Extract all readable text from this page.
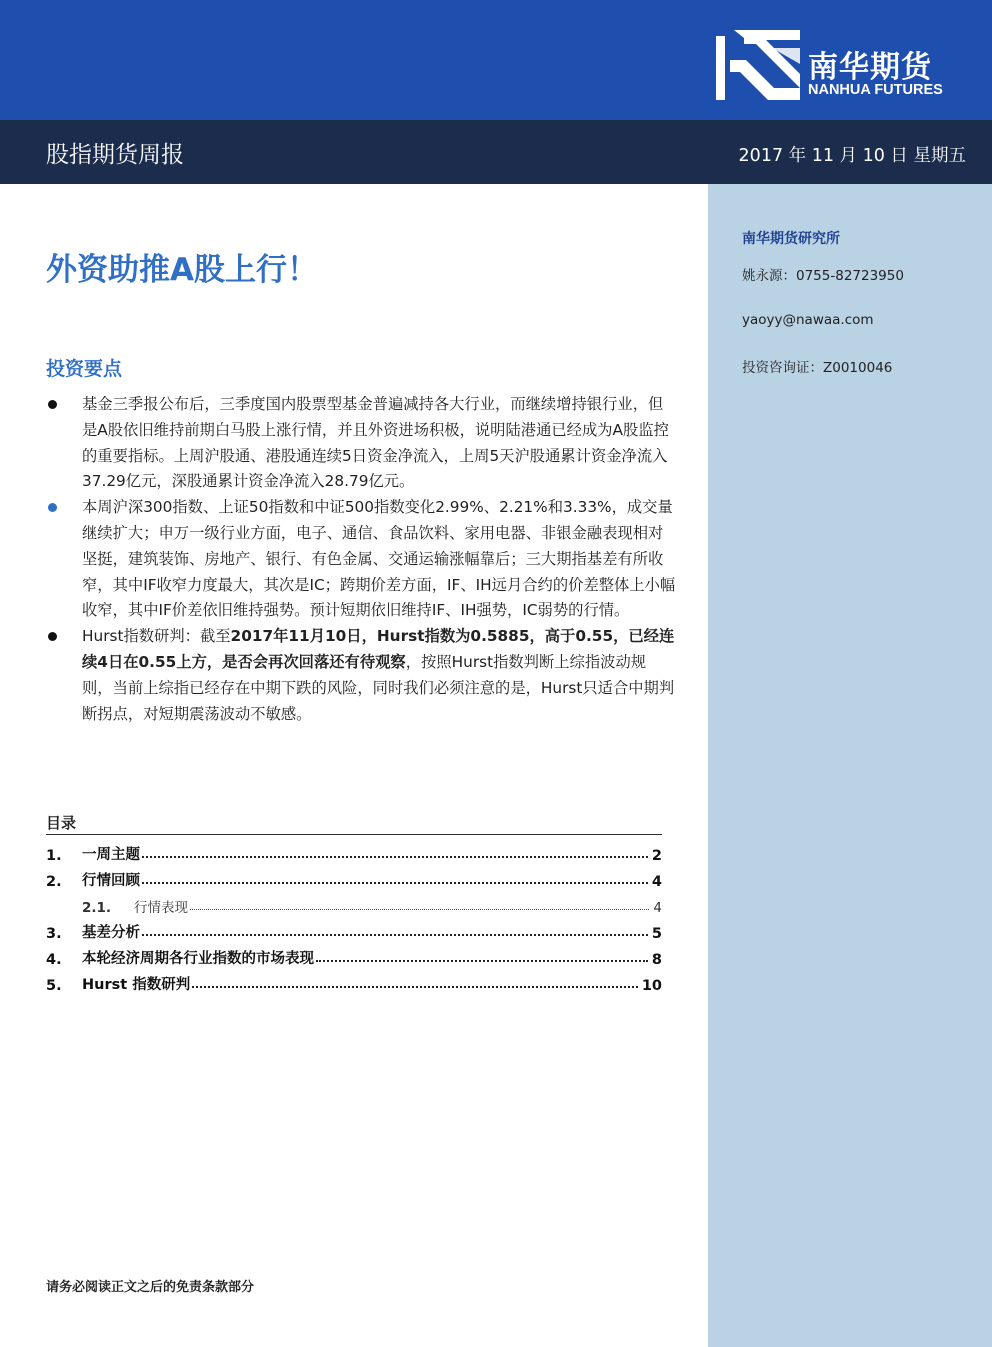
南华期货
NANHUA FUTURES
股指期货周报	2017 年 11 月 10 日 星期五
南华期货研究所
姚永源：0755-82723950
yaoyy@nawaa.com
投资咨询证：Z0010046
外资助推A股上行！
投资要点
基金三季报公布后，三季度国内股票型基金普遍减持各大行业，而继续增持银行业，但是͏A股依旧维持前期白马股上涨行情，并且外资进场积极，说明陆港通已经成为A股监控的重要指标。上周沪股通、港股通连续5日资金净流入，上周5天沪股通累计资金净流入37.29亿元，深股通累计资金净流入28.79亿元。
本周沪深300指数、上证50指数和中证500指数变化2.99%、2.21%和3.33%，成交量继续扩大；申万一级行业方面，电子、通信、食品饮料、家用电器、非银金融表现相对坚挺，建筑装饰、房地产、银行、有色金属、交通运输涨幅靠后；三大期指基差有所收窄，其中IF收窄力度最大，其次是IC；跨期价差方面，IF、IH远月合约的价差整体上小幅收窄，其中IF价差依旧维持强势。预计短期依旧维持IF、IH强势，IC弱势的行情。
Hurst指数研判：截至2017年11月10日，Hurst指数为0.5885，高于0.55，已经连续4日在0.55上方，是否会再次回落还有待观察，按照Hurst指数判断上综指波动规则，当前上综指已经存在中期下跌的风险，同时我们必须注意的是，Hurst只适合中期判断拐点，对短期震荡波动不敏感。
目录
1.	一周主题	2
2.	行情回顾	4
2.1.	行情表现	4
3.	基差分析	5
4.	本轮经济周期各行业指数的市场表现	8
5.	Hurst 指数研判	10
请务必阅读正文之后的免责条款部分
